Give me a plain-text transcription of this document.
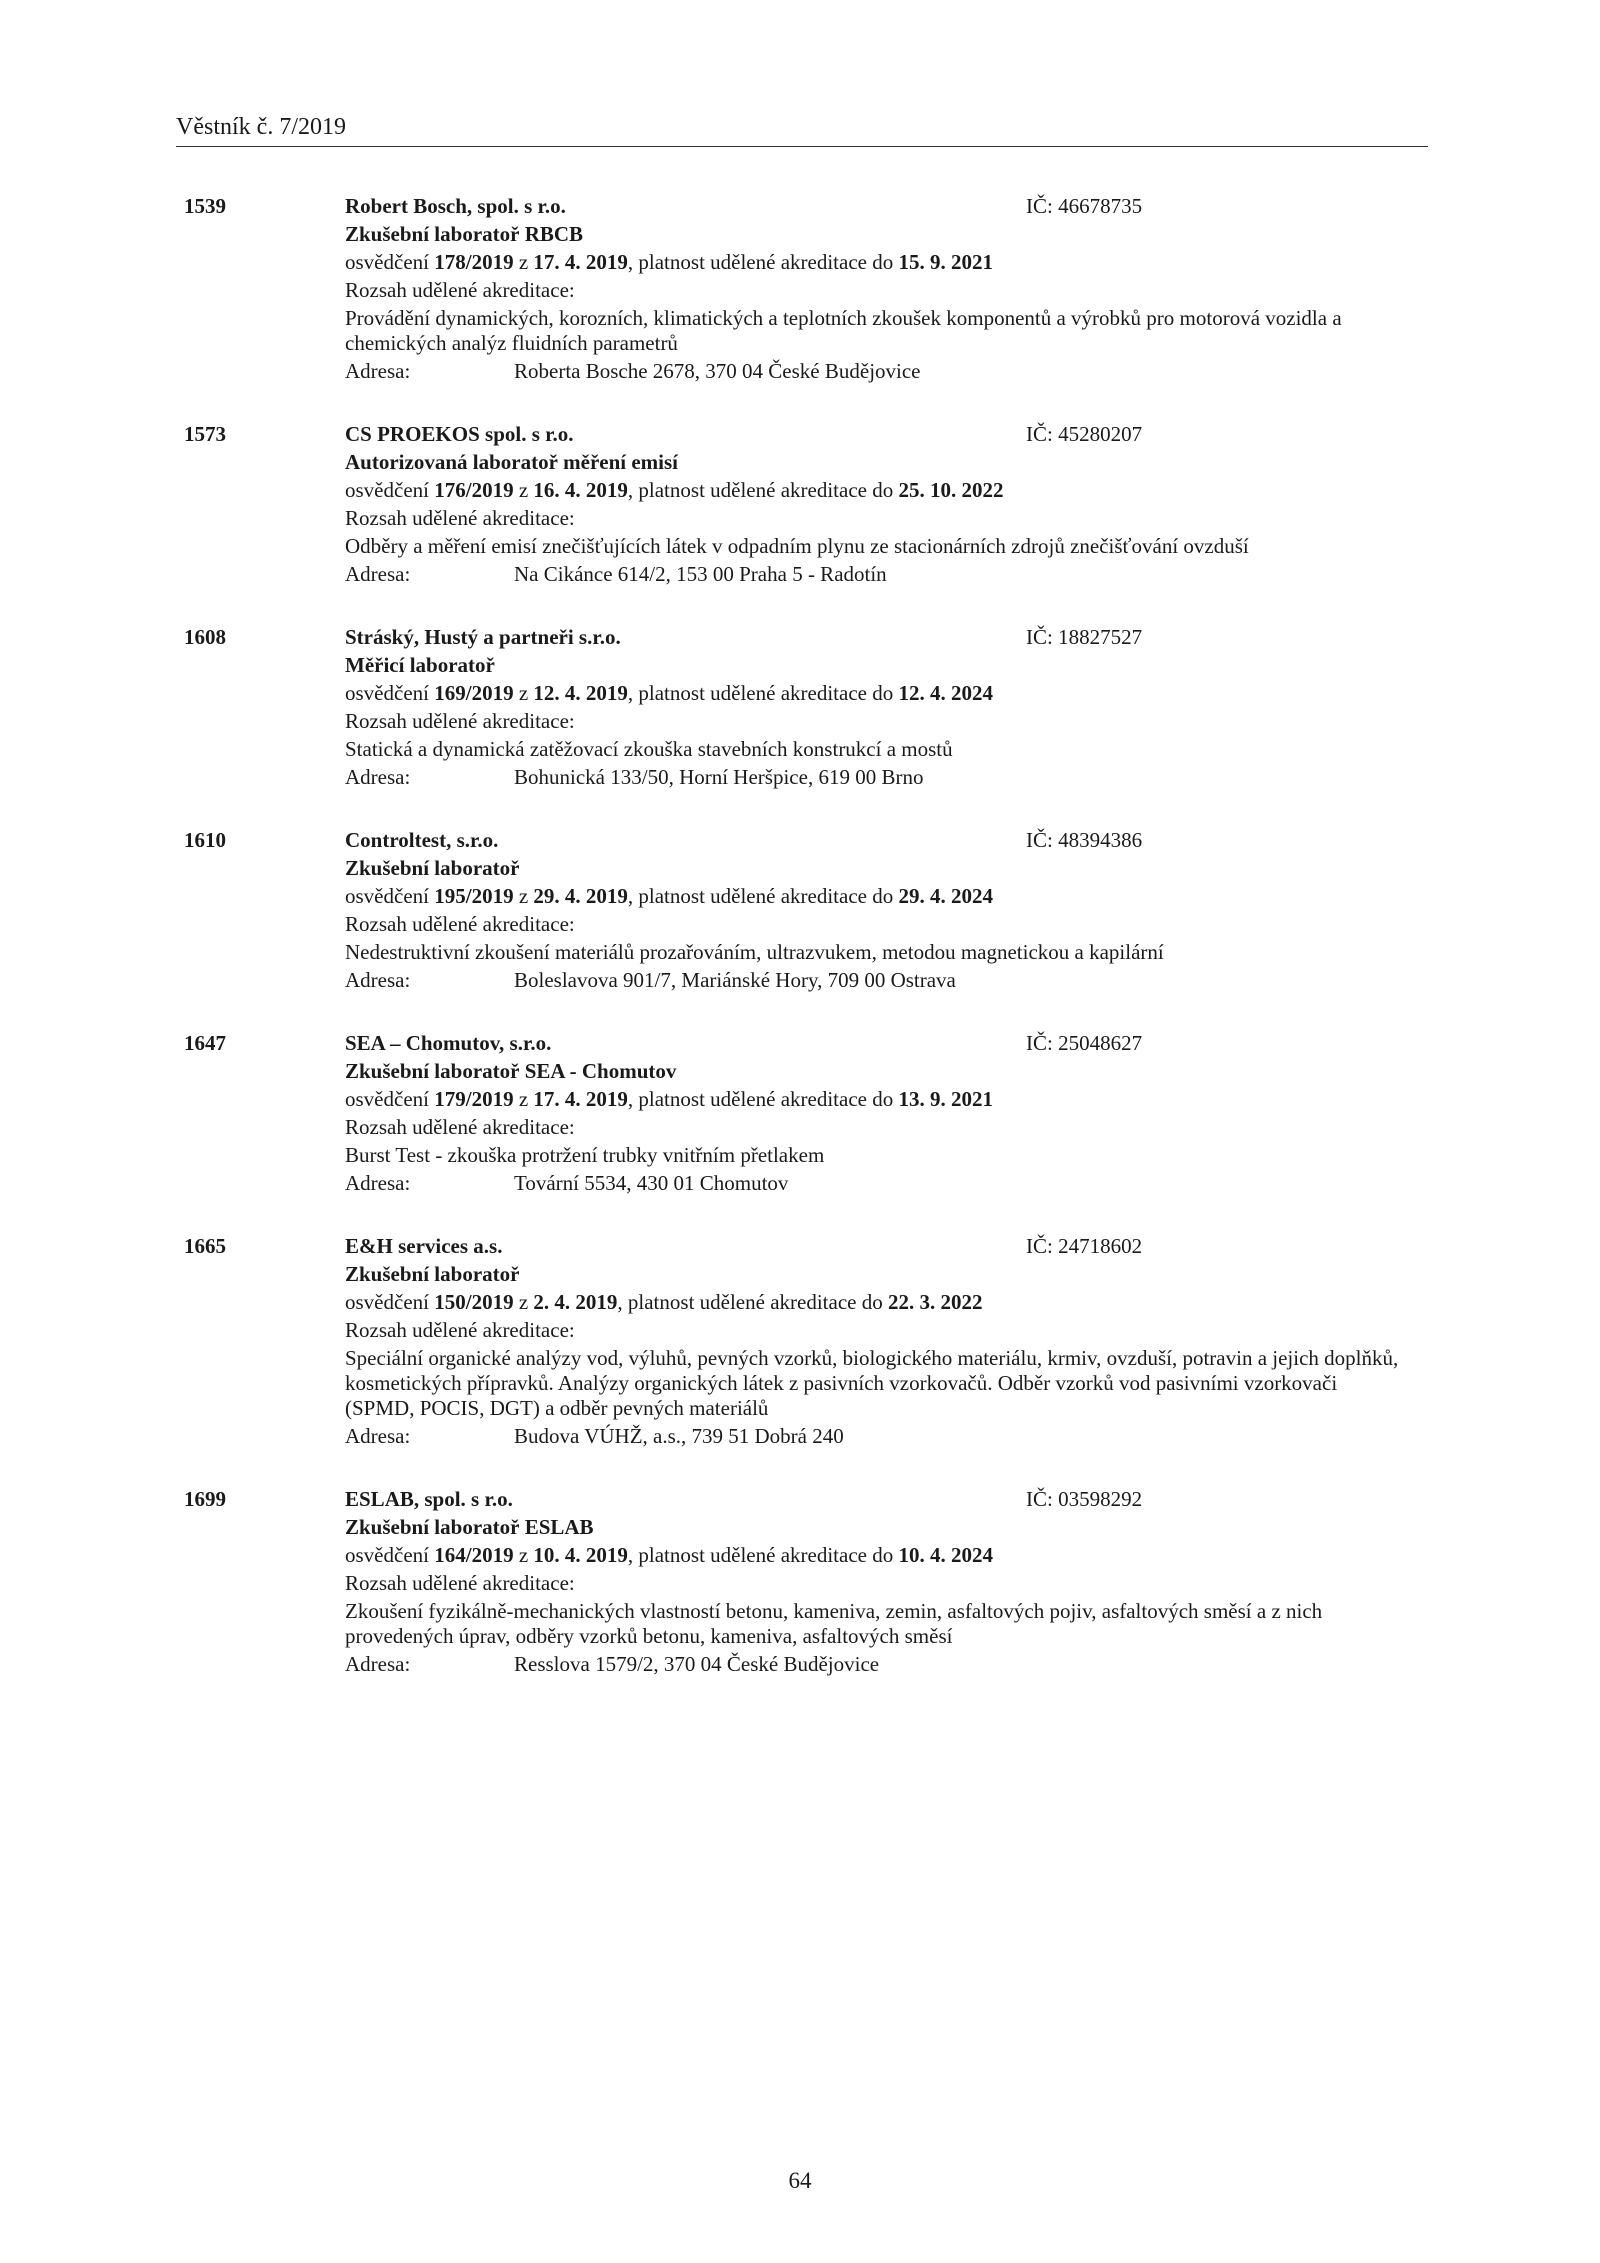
Věstník č. 7/2019
1539	Robert Bosch, spol. s r.o.	IČ: 46678735
Zkušební laboratoř RBCB
osvědčení 178/2019 z 17. 4. 2019, platnost udělené akreditace do 15. 9. 2021
Rozsah udělené akreditace:
Provádění dynamických, korozních, klimatických a teplotních zkoušek komponentů a výrobků pro motorová vozidla a chemických analýz fluidních parametrů
Adresa:	Roberta Bosche 2678, 370 04 České Budějovice
1573	CS PROEKOS spol. s r.o.	IČ: 45280207
Autorizovaná laboratoř měření emisí
osvědčení 176/2019 z 16. 4. 2019, platnost udělené akreditace do 25. 10. 2022
Rozsah udělené akreditace:
Odběry a měření emisí znečišťujících látek v odpadním plynu ze stacionárních zdrojů znečišťování ovzduší
Adresa:	Na Cikánce 614/2, 153 00 Praha 5 - Radotín
1608	Stráský, Hustý a partneři s.r.o.	IČ: 18827527
Měřicí laboratoř
osvědčení 169/2019 z 12. 4. 2019, platnost udělené akreditace do 12. 4. 2024
Rozsah udělené akreditace:
Statická a dynamická zatěžovací zkouška stavebních konstrukcí a mostů
Adresa:	Bohunická 133/50, Horní Heršpice, 619 00 Brno
1610	Controltest, s.r.o.	IČ: 48394386
Zkušební laboratoř
osvědčení 195/2019 z 29. 4. 2019, platnost udělené akreditace do 29. 4. 2024
Rozsah udělené akreditace:
Nedestruktivní zkoušení materiálů prozařováním, ultrazvukem, metodou magnetickou a kapilární
Adresa:	Boleslavova 901/7, Mariánské Hory, 709 00 Ostrava
1647	SEA – Chomutov, s.r.o.	IČ: 25048627
Zkušební laboratoř SEA - Chomutov
osvědčení 179/2019 z 17. 4. 2019, platnost udělené akreditace do 13. 9. 2021
Rozsah udělené akreditace:
Burst Test - zkouška protržení trubky vnitřním přetlakem
Adresa:	Tovární 5534, 430 01 Chomutov
1665	E&H services a.s.	IČ: 24718602
Zkušební laboratoř
osvědčení 150/2019 z 2. 4. 2019, platnost udělené akreditace do 22. 3. 2022
Rozsah udělené akreditace:
Speciální organické analýzy vod, výluhů, pevných vzorků, biologického materiálu, krmiv, ovzduší, potravin a jejich doplňků, kosmetických přípravků. Analýzy organických látek z pasivních vzorkovačů. Odběr vzorků vod pasivními vzorkovači (SPMD, POCIS, DGT) a odběr pevných materiálů
Adresa:	Budova VÚHŽ, a.s., 739 51 Dobrá 240
1699	ESLAB, spol. s r.o.	IČ: 03598292
Zkušební laboratoř ESLAB
osvědčení 164/2019 z 10. 4. 2019, platnost udělené akreditace do 10. 4. 2024
Rozsah udělené akreditace:
Zkoušení fyzikálně-mechanických vlastností betonu, kameniva, zemin, asfaltových pojiv, asfaltových směsí a z nich provedených úprav, odběry vzorků betonu, kameniva, asfaltových směsí
Adresa:	Resslova 1579/2, 370 04 České Budějovice
64
